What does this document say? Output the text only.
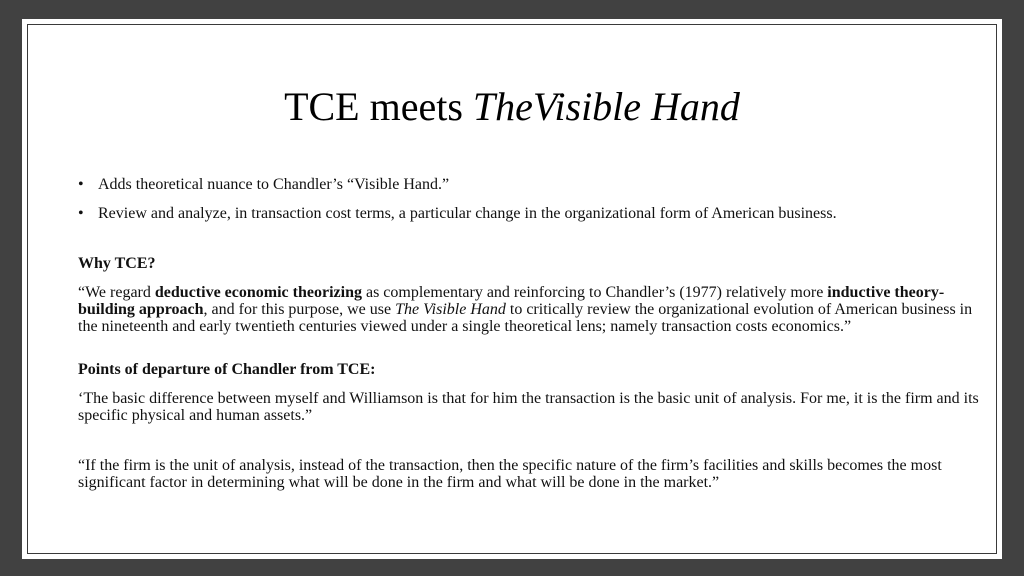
TCE meets TheVisible Hand
• Adds theoretical nuance to Chandler’s “Visible Hand.”
• Review and analyze, in transaction cost terms, a particular change in the organizational form of American business.

Why TCE?

“We regard deductive economic theorizing as complementary and reinforcing to Chandler’s (1977) relatively more inductive theory-building approach, and for this purpose, we use The Visible Hand to critically review the organizational evolution of American business in the nineteenth and early twentieth centuries viewed under a single theoretical lens; namely transaction costs economics.”

Points of departure of Chandler from TCE:

‘The basic difference between myself and Williamson is that for him the transaction is the basic unit of analysis. For me, it is the firm and its specific physical and human assets.”

“If the firm is the unit of analysis, instead of the transaction, then the specific nature of the firm’s facilities and skills becomes the most significant factor in determining what will be done in the firm and what will be done in the market.”
